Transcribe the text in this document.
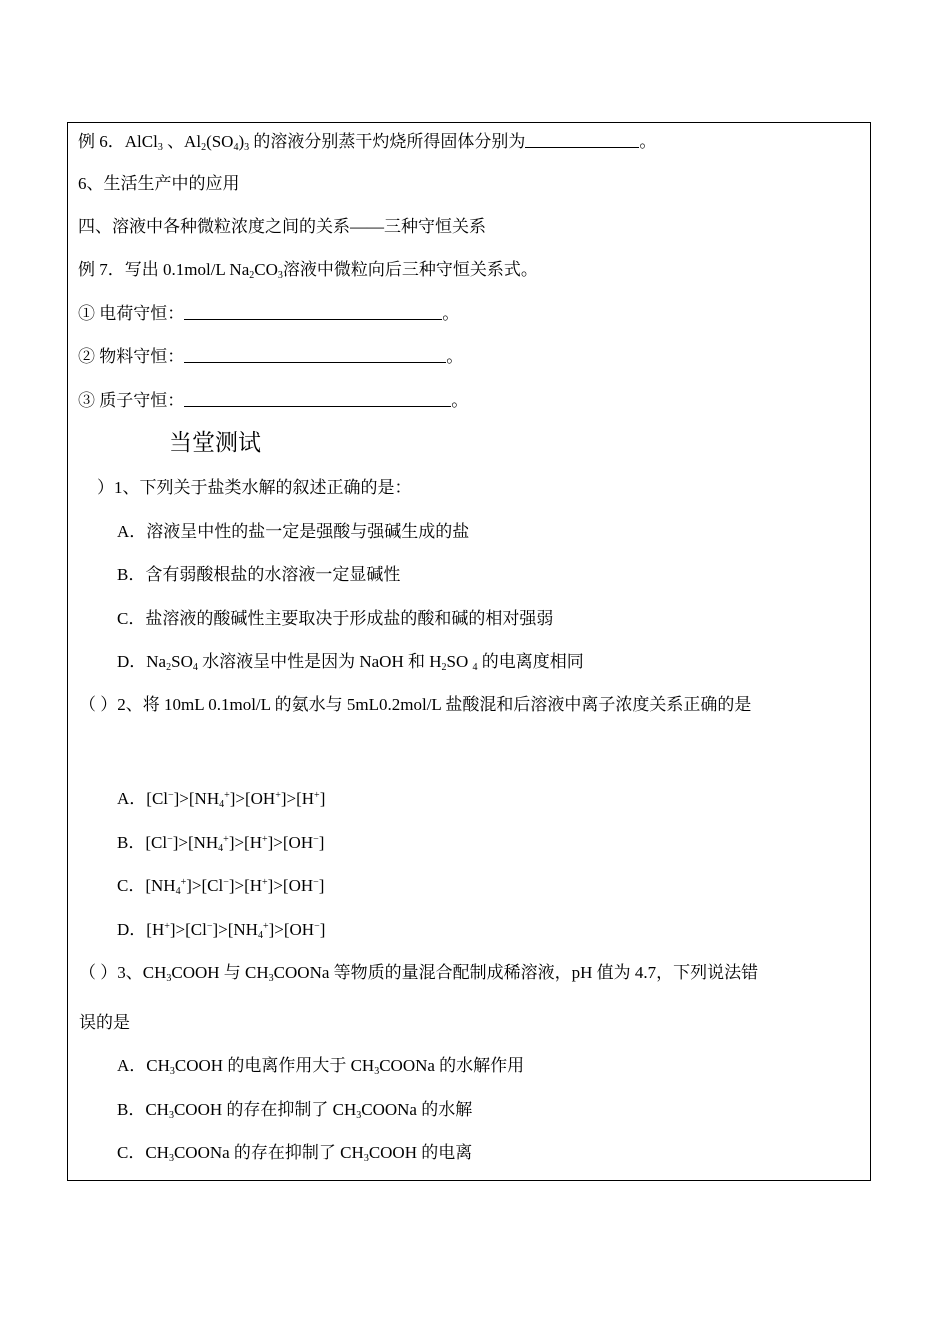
例 6．AlCl$_3$ 、$Al_2(SO_4)_3$ 的溶液分别蒸干灼烧所得固体分别为	。
6、生活生产中的应用
四、溶液中各种微粒浓度之间的关系——三种守恒关系
例 7．写出 0.1mol/L $Na_2CO_3$溶液中微粒向后三种守恒关系式。
① 电荷守恒：	。
② 物料守恒：	。
③ 质子守恒：	。
当堂测试
）1、下列关于盐类水解的叙述正确的是：
A．溶液呈中性的盐一定是强酸与强碱生成的盐
B．含有弱酸根盐的水溶液一定显碱性
C．盐溶液的酸碱性主要取决于形成盐的酸和碱的相对强弱
D．$Na_2SO_4$ 水溶液呈中性是因为 NaOH 和 $H_2SO$ $_4$ 的电离度相同
（ ）2、将 10mL 0.1mol/L 的氨水与 5mL0.2mol/L 盐酸混和后溶液中离子浓度关系正确的是
A．$[Cl^-]>[NH_4^+]>[OH^+]>[H^+]$
B．$[Cl^-]>[NH_4^+]>[H^+]>[OH^-]$
C．$[NH_4^+]>[Cl^-]>[H^+]>[OH^-]$
D．$[H^+]>[Cl^-]>[NH_4^+]>[OH^-]$
（ ）3、$CH_3COOH$ 与 $CH_3COONa$ 等物质的量混合配制成稀溶液，pH 值为 4.7，下列说法错
误的是
A．$CH_3COOH$ 的电离作用大于 $CH_3COONa$ 的水解作用
B．$CH_3COOH$ 的存在抑制了 $CH_3COONa$ 的水解
C．$CH_3COONa$ 的存在抑制了 $CH_3COOH$ 的电离
